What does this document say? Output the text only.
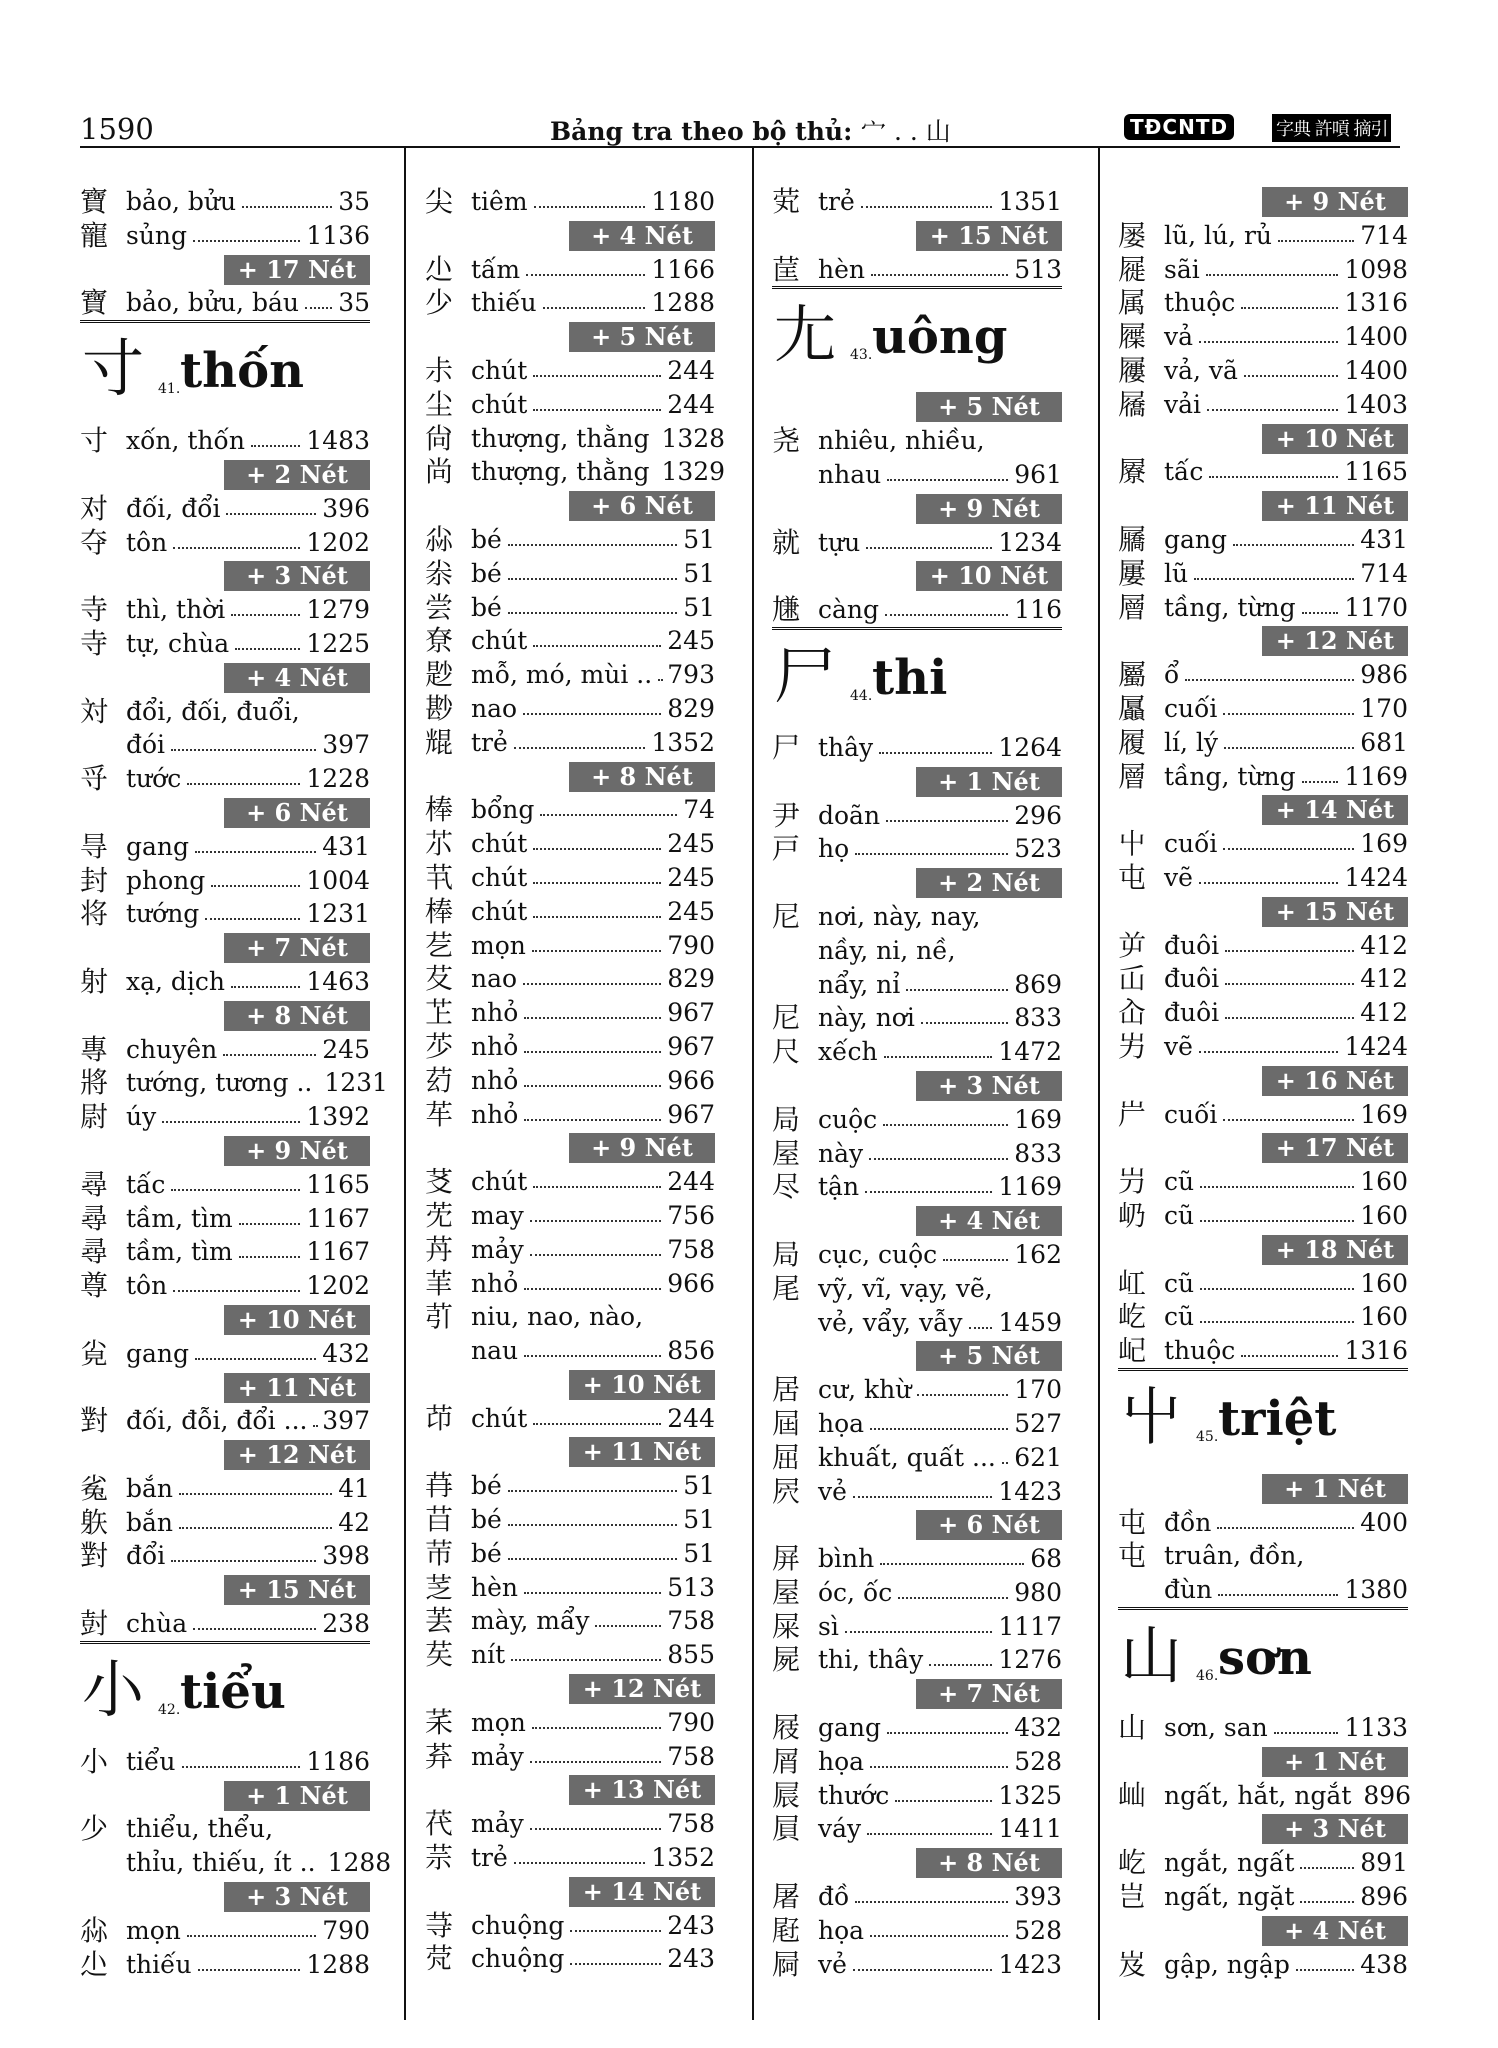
1590	Bảng tra theo bộ thủ: 宀 . . 山	TĐCNTD	字典 許嗊 摘引
寶 bảo, bửu	35
寵 sủng	1136
+ 17 Nét
寶 bảo, bửu, báu 35
寸 41. thốn
寸 xốn, thốn 1483
+ 2 Nét
对 đối, đổi	396
夺 tôn	1202
+ 3 Nét
寺 thì, thời	1279
寺 tự, chùa	1225
+ 4 Nét
対 đổi, đối, đuổi,
đói	397
寽 tước	1228
+ 6 Nét
㝵 gang	431
封 phong	1004
将 tướng	1231
+ 7 Nét
射 xạ, dịch	1463
+ 8 Nét
專 chuyên	245
將 tướng, tương .. 1231
尉 úy	1392
+ 9 Nét
尋 tấc	1165
尋 tầm, tìm	1167
尋 tầm, tìm	1167
尊 tôn	1202
+ 10 Nét
㝸 gang	432
+ 11 Nét
對 đối, đỗi, đổi ... 397
+ 12 Nét
㝹 bắn	41
䠶 bắn	42
對 đổi	398
+ 15 Nét
尌 chùa	238
小 42. tiểu
小 tiểu	1186
+ 1 Nét
少 thiểu, thểu,
thỉu, thiếu, ít .. 1288
+ 3 Nét
尛 mọn	790
尐 thiếu	1288
尖 tiêm	1180
+ 4 Nét
尐 tấm	1166
少 thiếu	1288
+ 5 Nét
尗 chút	244
尘 chút	244
尙 thượng, thằng 1328
尚 thượng, thằng 1329
+ 6 Nét
尛 bé	51
尜 bé	51
尝 bé	51
尞 chút	245
尟 mỗ, mó, mùi .. 793
尠 nao	829
尡 trẻ	1352
+ 8 Nét
棒 bổng	74
䒕 chút	245
䒖 chút	245
棒 chút	245
䒗 mọn	790
䒘 nao	829
䒙 nhỏ	967
䒚 nhỏ	967
䒛 nhỏ	966
䒜 nhỏ	967
+ 9 Nét
䒝 chút	244
䒞 may	756
䒟 mảy	758
䒠 nhỏ	966
䒡 niu, nao, nào,
nau	856
+ 10 Nét
䒢 chút	244
+ 11 Nét
䒣 bé	51
䒤 bé	51
䒥 bé	51
䒦 hèn	513
䒧 mày, mẩy	758
䒨 nít	855
+ 12 Nét
䒩 mọn	790
䒪 mảy	758
+ 13 Nét
䒫 mảy	758
䒬 trẻ	1352
+ 14 Nét
䒭 chuộng	243
䒮 chuộng	243
䒯 trẻ	1351
+ 15 Nét
䒰 hèn	513
尢 43. uông
+ 5 Nét
尧 nhiêu, nhiều,
nhau	961
+ 9 Nét
就 tựu	1234
+ 10 Nét
尲 càng	116
尸 44. thi
尸 thây	1264
+ 1 Nét
尹 doãn	296
戸 họ	523
+ 2 Nét
尼 nơi, này, nay,
nầy, ni, nề,
nẩy, nỉ	869
尼 này, nơi	833
尺 xếch	1472
+ 3 Nét
局 cuộc	169
屋 này	833
尽 tận	1169
+ 4 Nét
局 cục, cuộc	162
尾 vỹ, vĩ, vạy, vẽ,
vẻ, vẩy, vẫy 1459
+ 5 Nét
居 cư, khừ	170
屆 họa	527
屈 khuất, quất ... 621
屄 vẻ	1423
+ 6 Nét
屏 bình	68
屋 óc, ốc	980
屎 sì	1117
屍 thi, thây	1276
+ 7 Nét
屐 gang	432
屑 họa	528
屒 thước	1325
屓 váy	1411
+ 8 Nét
屠 đồ	393
屘 họa	528
屙 vẻ	1423
+ 9 Nét
屡 lũ, lú, rủ	714
屣 sãi	1098
属 thuộc	1316
屧 vả	1400
屨 vả, vã	1400
屩 vải	1403
+ 10 Nét
屪 tấc	1165
+ 11 Nét
屫 gang	431
屢 lũ	714
層 tầng, từng 1170
+ 12 Nét
屬 ổ	986
屭 cuối	170
履 lí, lý	681
層 tầng, từng 1169
+ 14 Nét
屮 cuối	169
屯 vẽ	1424
+ 15 Nét
屰 đuôi	412
屲 đuôi	412
屳 đuôi	412
屴 vẽ	1424
+ 16 Nét
屵 cuối	169
+ 17 Nét
屶 cũ	160
屷 cũ	160
+ 18 Nét
屸 cũ	160
屹 cũ	160
屺 thuộc	1316
屮 45. triệt
+ 1 Nét
屯 đồn	400
屯 truân, đồn,
đùn	1380
山 46. sơn
山 sơn, san	1133
+ 1 Nét
屾 ngất, hắt, ngắt 896
+ 3 Nét
屹 ngắt, ngất	891
岂 ngất, ngặt	896
+ 4 Nét
岌 gập, ngập	438
